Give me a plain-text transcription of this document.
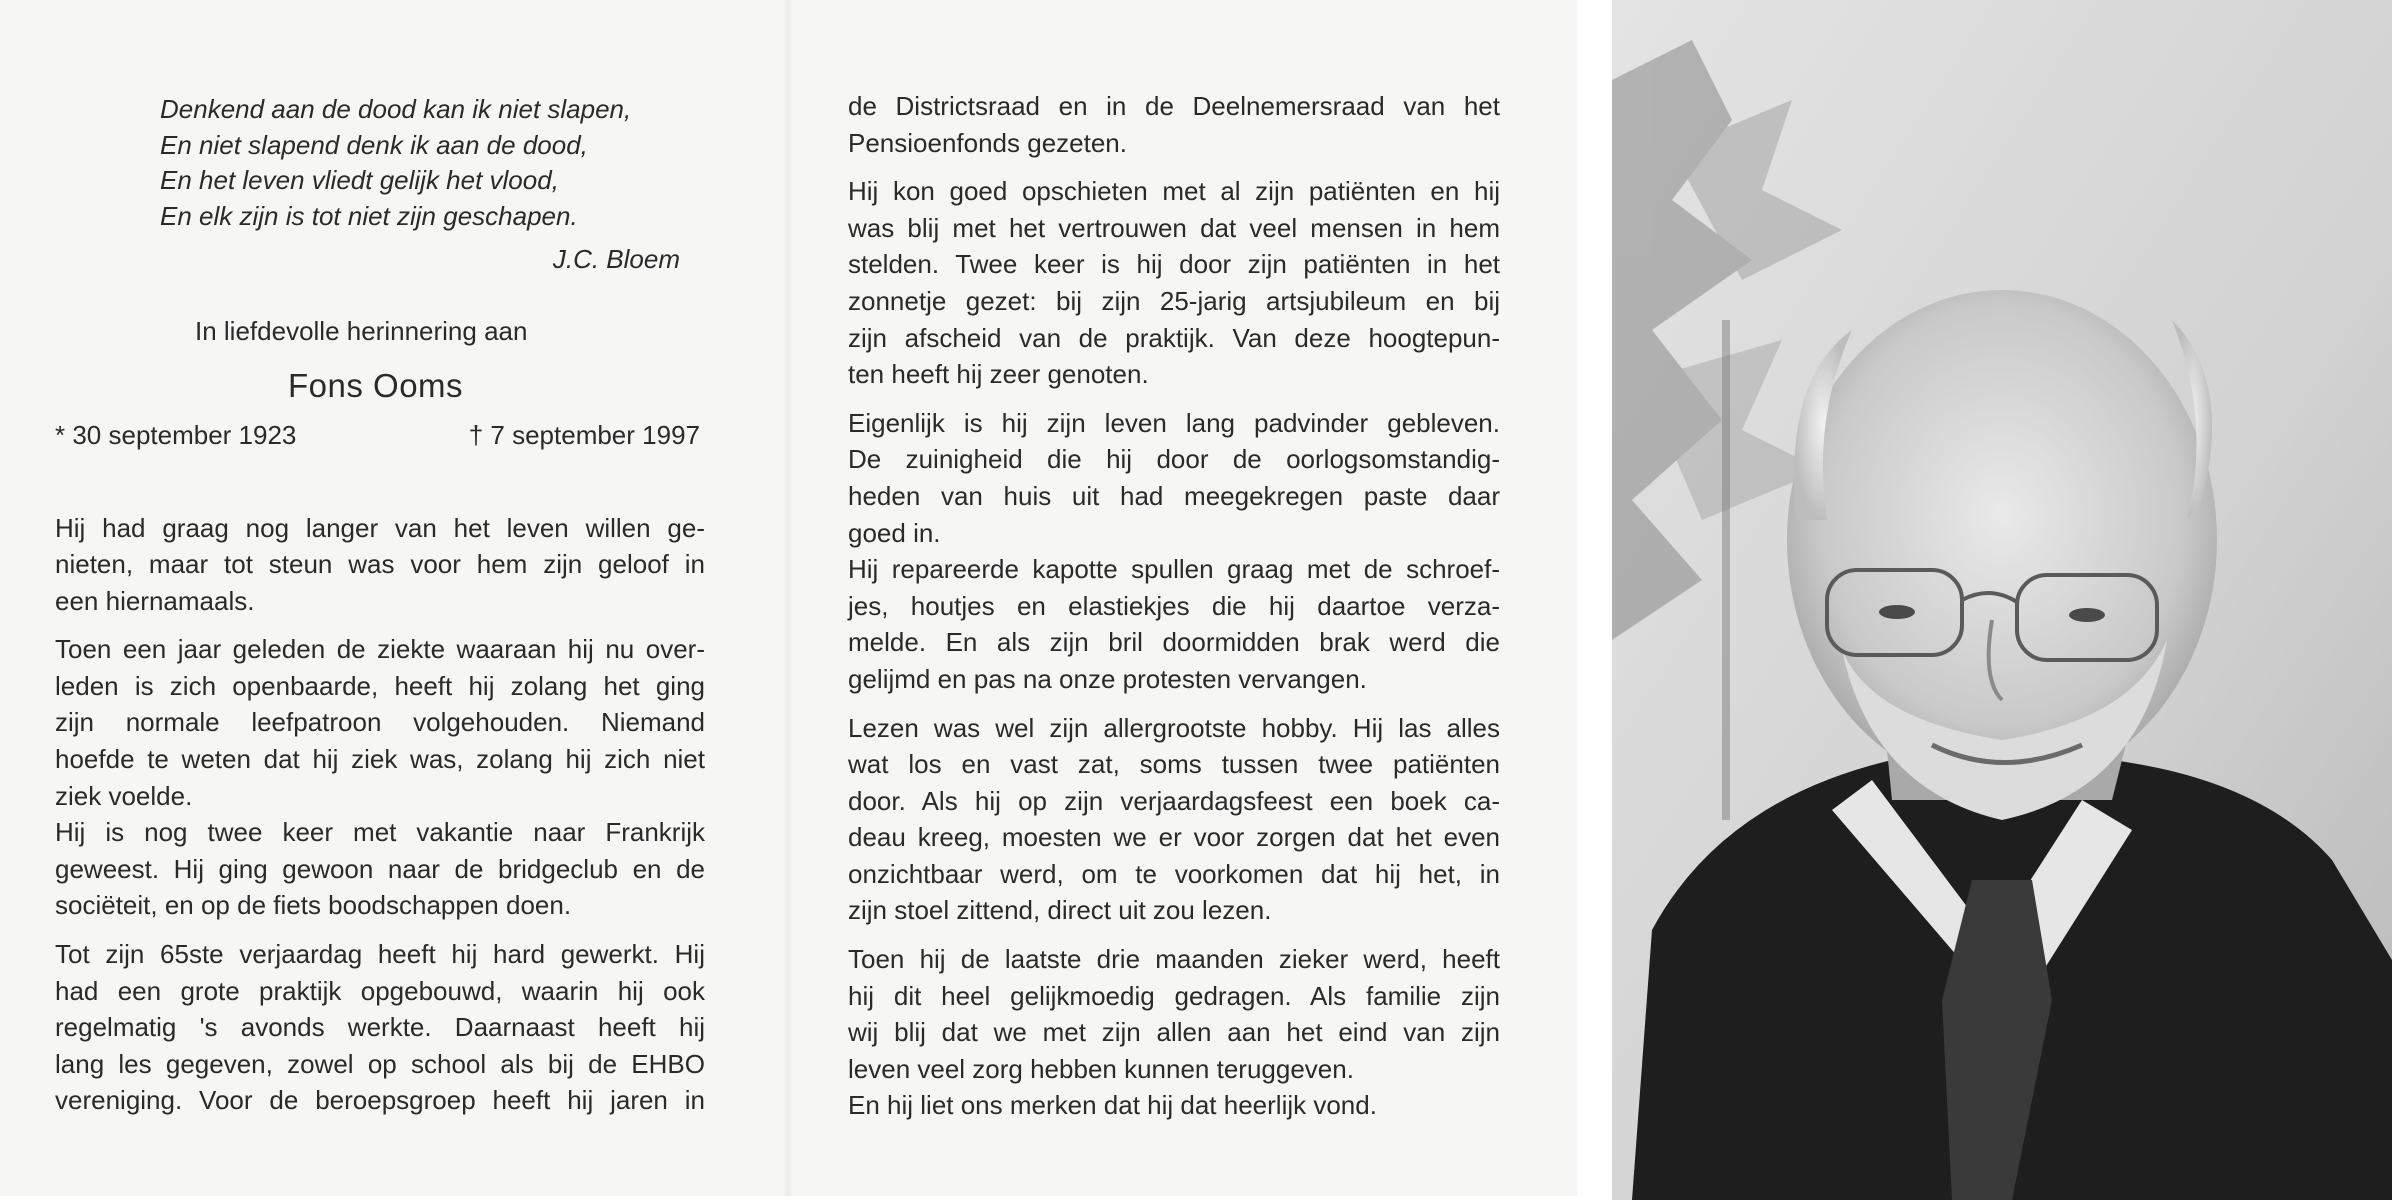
Denkend aan de dood kan ik niet slapen,
En niet slapend denk ik aan de dood,
En het leven vliedt gelijk het vlood,
En elk zijn is tot niet zijn geschapen.
J.C. Bloem
In liefdevolle herinnering aan
Fons Ooms
* 30 september 1923	† 7 september 1997

Hij had graag nog langer van het leven willen ge-
nieten, maar tot steun was voor hem zijn geloof in
een hiernamaals.

Toen een jaar geleden de ziekte waaraan hij nu over-
leden is zich openbaarde, heeft hij zolang het ging
zijn normale leefpatroon volgehouden. Niemand
hoefde te weten dat hij ziek was, zolang hij zich niet
ziek voelde.

Hij is nog twee keer met vakantie naar Frankrijk
geweest. Hij ging gewoon naar de bridgeclub en de
sociëteit, en op de fiets boodschappen doen.

Tot zijn 65ste verjaardag heeft hij hard gewerkt. Hij
had een grote praktijk opgebouwd, waarin hij ook
regelmatig 's avonds werkte. Daarnaast heeft hij
lang les gegeven, zowel op school als bij de EHBO
vereniging. Voor de beroepsgroep heeft hij jaren in

de Districtsraad en in de Deelnemersraad van het
Pensioenfonds gezeten.

Hij kon goed opschieten met al zijn patiënten en hij
was blij met het vertrouwen dat veel mensen in hem
stelden. Twee keer is hij door zijn patiënten in het
zonnetje gezet: bij zijn 25-jarig artsjubileum en bij
zijn afscheid van de praktijk. Van deze hoogtepun-
ten heeft hij zeer genoten.

Eigenlijk is hij zijn leven lang padvinder gebleven.
De zuinigheid die hij door de oorlogsomstandig-
heden van huis uit had meegekregen paste daar
goed in.

Hij repareerde kapotte spullen graag met de schroef-
jes, houtjes en elastiekjes die hij daartoe verza-
melde. En als zijn bril doormidden brak werd die
gelijmd en pas na onze protesten vervangen.

Lezen was wel zijn allergrootste hobby. Hij las alles
wat los en vast zat, soms tussen twee patiënten
door. Als hij op zijn verjaardagsfeest een boek ca-
deau kreeg, moesten we er voor zorgen dat het even
onzichtbaar werd, om te voorkomen dat hij het, in
zijn stoel zittend, direct uit zou lezen.

Toen hij de laatste drie maanden zieker werd, heeft
hij dit heel gelijkmoedig gedragen. Als familie zijn
wij blij dat we met zijn allen aan het eind van zijn
leven veel zorg hebben kunnen teruggeven.

En hij liet ons merken dat hij dat heerlijk vond.
